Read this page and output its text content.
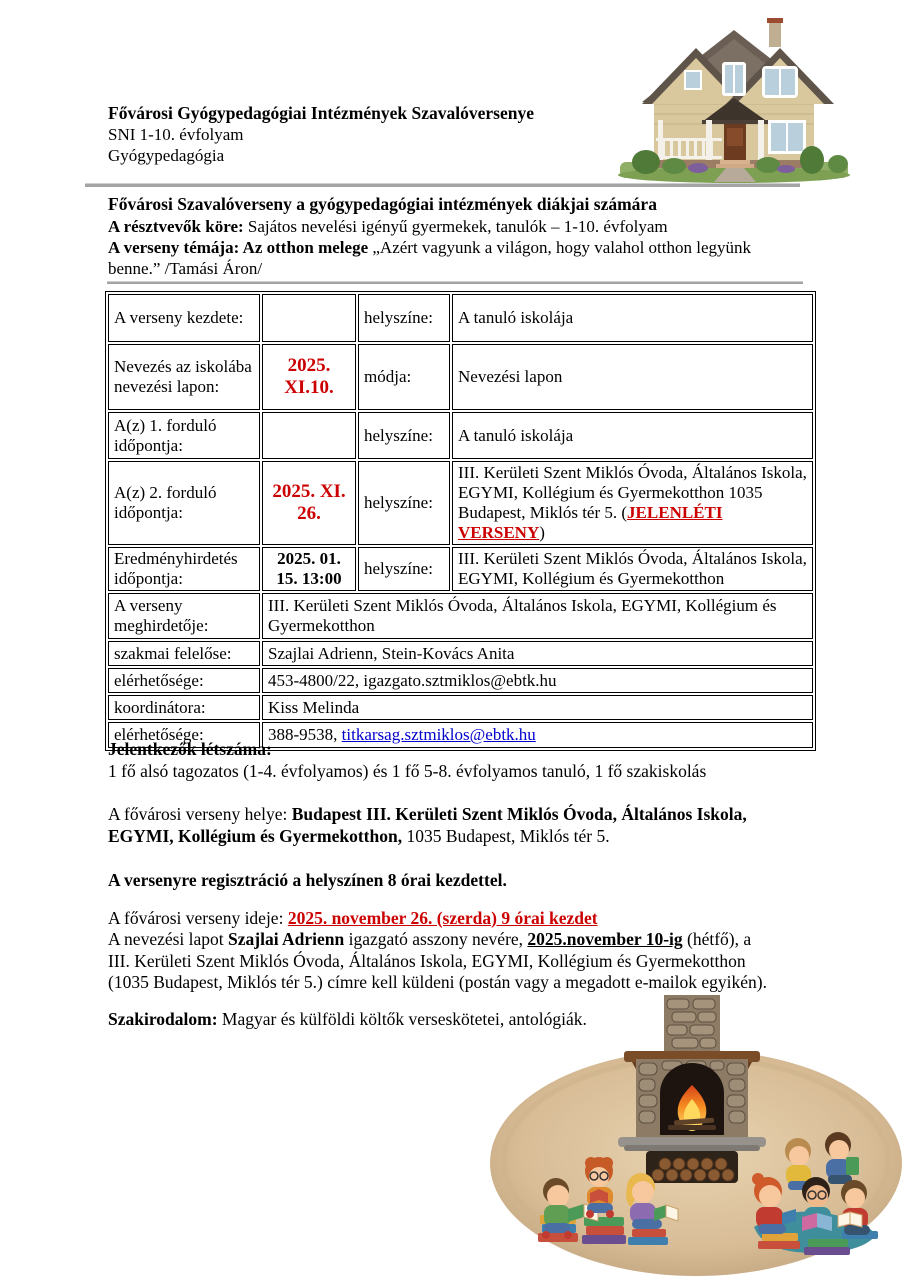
Fővárosi Gyógypedagógiai Intézmények Szavalóversenye
SNI 1-10. évfolyam
Gyógypedagógia
Fővárosi Szavalóverseny a gyógypedagógiai intézmények diákjai számára
A résztvevők köre: Sajátos nevelési igényű gyermekek, tanulók – 1-10. évfolyam
A verseny témája: Az otthon melege „Azért vagyunk a világon, hogy valahol otthon legyünk
benne.” /Tamási Áron/
A verseny kezdete:		helyszíne:	A tanuló iskolája
Nevezés az iskolába nevezési lapon:	2025. XI.10.	módja:	Nevezési lapon
A(z) 1. forduló időpontja:		helyszíne:	A tanuló iskolája
A(z) 2. forduló időpontja:	2025. XI. 26.	helyszíne:	III. Kerületi Szent Miklós Óvoda, Általános Iskola, EGYMI, Kollégium és Gyermekotthon 1035 Budapest, Miklós tér 5. (JELENLÉTI VERSENY)
Eredményhirdetés időpontja:	2025. 01. 15. 13:00	helyszíne:	III. Kerületi Szent Miklós Óvoda, Általános Iskola, EGYMI, Kollégium és Gyermekotthon
A verseny meghirdetője:	III. Kerületi Szent Miklós Óvoda, Általános Iskola, EGYMI, Kollégium és Gyermekotthon		
szakmai felelőse:	Szajlai Adrienn, Stein-Kovács Anita		
elérhetősége:	453-4800/22, igazgato.sztmiklos@ebtk.hu		
koordinátora:	Kiss Melinda		
elérhetősége:	388-9538, titkarsag.sztmiklos@ebtk.hu		

Jelentkezők létszáma:

1 fő alsó tagozatos (1-4. évfolyamos) és 1 fő 5-8. évfolyamos tanuló, 1 fő szakiskolás

A fővárosi verseny helye: Budapest III. Kerületi Szent Miklós Óvoda, Általános Iskola,
EGYMI, Kollégium és Gyermekotthon, 1035 Budapest, Miklós tér 5.

A versenyre regisztráció a helyszínen 8 órai kezdettel.

A fővárosi verseny ideje: 2025. november 26. (szerda) 9 órai kezdet

A nevezési lapot Szajlai Adrienn igazgató asszony nevére, 2025.november 10-ig (hétfő), a
III. Kerületi Szent Miklós Óvoda, Általános Iskola, EGYMI, Kollégium és Gyermekotthon
(1035 Budapest, Miklós tér 5.) címre kell küldeni (postán vagy a megadott e-mailok egyikén).

Szakirodalom: Magyar és külföldi költők verseskötetei, antológiák.
